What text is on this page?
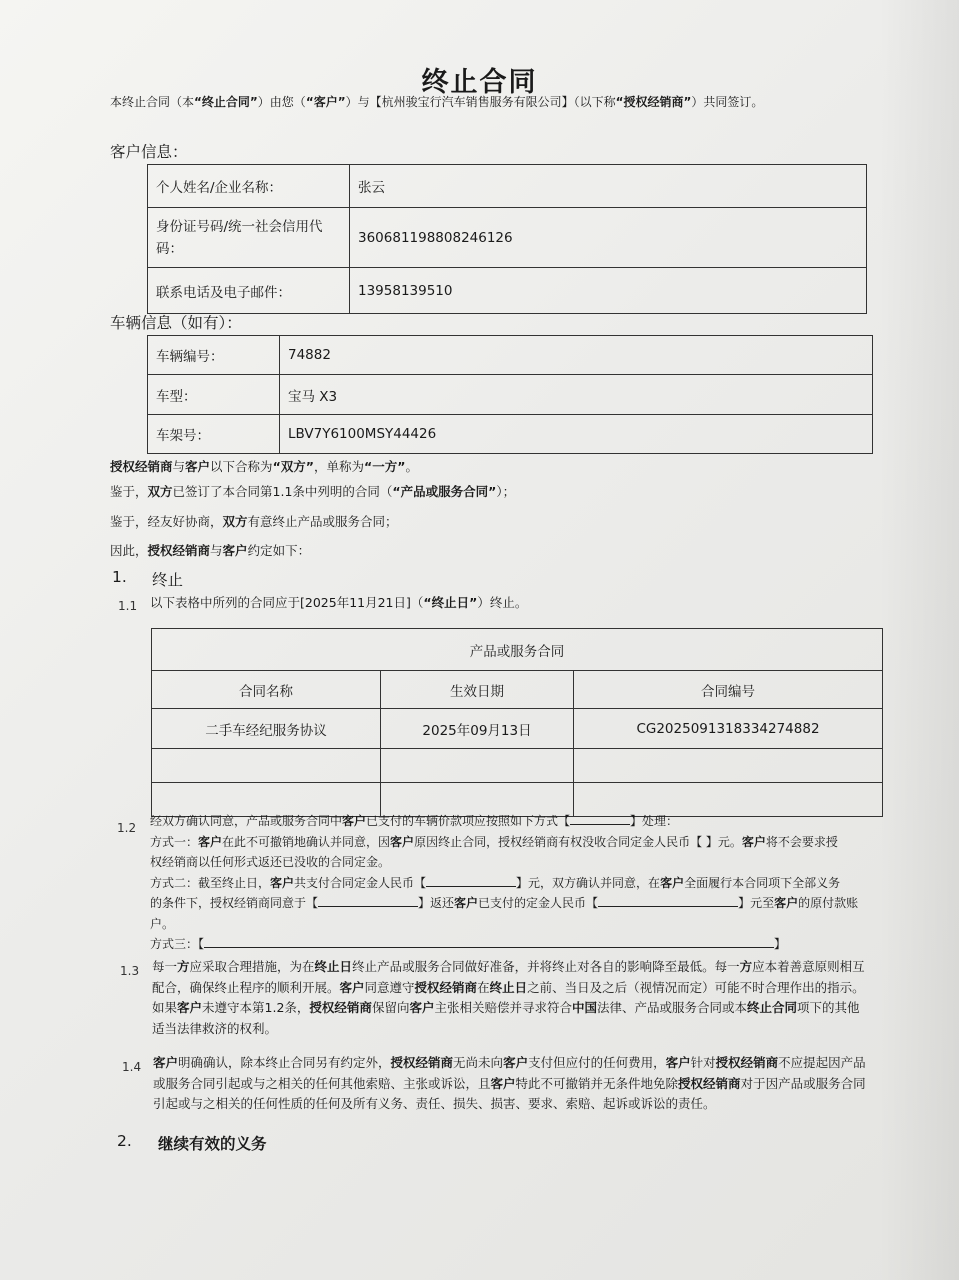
终止合同
本终止合同（本“终止合同”）由您（“客户”）与【杭州骏宝行汽车销售服务有限公司】（以下称“授权经销商”）共同签订。
客户信息：
个人姓名/企业名称：	张云
身份证号码/统一社会信用代码：	360681198808246126
联系电话及电子邮件：	13958139510
车辆信息（如有）：
车辆编号：	74882
车型：	宝马 X3
车架号：	LBV7Y6100MSY44426
授权经销商与客户以下合称为“双方”，单称为“一方”。
鉴于，双方已签订了本合同第1.1条中列明的合同（“产品或服务合同”）；
鉴于，经友好协商，双方有意终止产品或服务合同；
因此，授权经销商与客户约定如下：
1. 终止
1.1 以下表格中所列的合同应于[2025年11月21日]（“终止日”）终止。
产品或服务合同		
合同名称	生效日期	合同编号
二手车经纪服务协议	2025年09月13日	CG2025091318334274882

1.2 经双方确认同意，产品或服务合同中客户已支付的车辆价款项应按照如下方式【	】处理：
方式一：客户在此不可撤销地确认并同意，因客户原因终止合同，授权经销商有权没收合同定金人民币【 】元。客户将不会要求授
权经销商以任何形式返还已没收的合同定金。
方式二：截至终止日，客户共支付合同定金人民币【	】元，双方确认并同意，在客户全面履行本合同项下全部义务
的条件下，授权经销商同意于【	】返还客户已支付的定金人民币【	】元至客户的原付款账
户。
方式三：【	】
1.3 每一方应采取合理措施，为在终止日终止产品或服务合同做好准备，并将终止对各自的影响降至最低。每一方应本着善意原则相互
配合，确保终止程序的顺利开展。客户同意遵守授权经销商在终止日之前、当日及之后（视情况而定）可能不时合理作出的指示。
如果客户未遵守本第1.2条，授权经销商保留向客户主张相关赔偿并寻求符合中国法律、产品或服务合同或本终止合同项下的其他
适当法律救济的权利。
1.4 客户明确确认，除本终止合同另有约定外，授权经销商无尚未向客户支付但应付的任何费用，客户针对授权经销商不应提起因产品
或服务合同引起或与之相关的任何其他索赔、主张或诉讼，且客户特此不可撤销并无条件地免除授权经销商对于因产品或服务合同
引起或与之相关的任何性质的任何及所有义务、责任、损失、损害、要求、索赔、起诉或诉讼的责任。
2. 继续有效的义务
